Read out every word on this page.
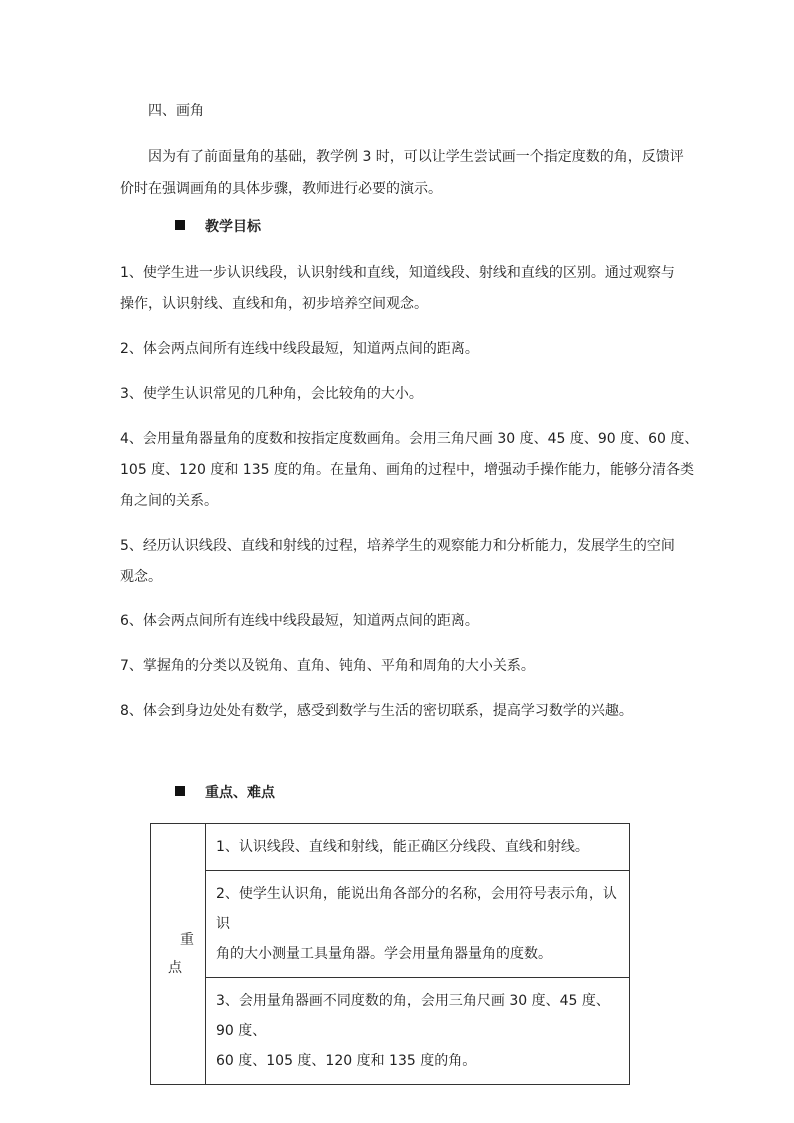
四、画角
因为有了前面量角的基础，教学例 3 时，可以让学生尝试画一个指定度数的角，反馈评
价时在强调画角的具体步骤，教师进行必要的演示。
教学目标
1、使学生进一步认识线段，认识射线和直线，知道线段、射线和直线的区别。通过观察与
操作，认识射线、直线和角，初步培养空间观念。
2、体会两点间所有连线中线段最短，知道两点间的距离。
3、使学生认识常见的几种角，会比较角的大小。
4、会用量角器量角的度数和按指定度数画角。会用三角尺画 30 度、45 度、90 度、60 度、
105 度、120 度和 135 度的角。在量角、画角的过程中，增强动手操作能力，能够分清各类
角之间的关系。
5、经历认识线段、直线和射线的过程，培养学生的观察能力和分析能力，发展学生的空间
观念。
6、体会两点间所有连线中线段最短，知道两点间的距离。
7、掌握角的分类以及锐角、直角、钝角、平角和周角的大小关系。
8、体会到身边处处有数学，感受到数学与生活的密切联系，提高学习数学的兴趣。
重点、难点
重
点

1、认识线段、直线和射线，能正确区分线段、直线和射线。

2、使学生认识角，能说出角各部分的名称，会用符号表示角，认识
角的大小测量工具量角器。学会用量角器量角的度数。

3、会用量角器画不同度数的角，会用三角尺画 30 度、45 度、90 度、
60 度、105 度、120 度和 135 度的角。
